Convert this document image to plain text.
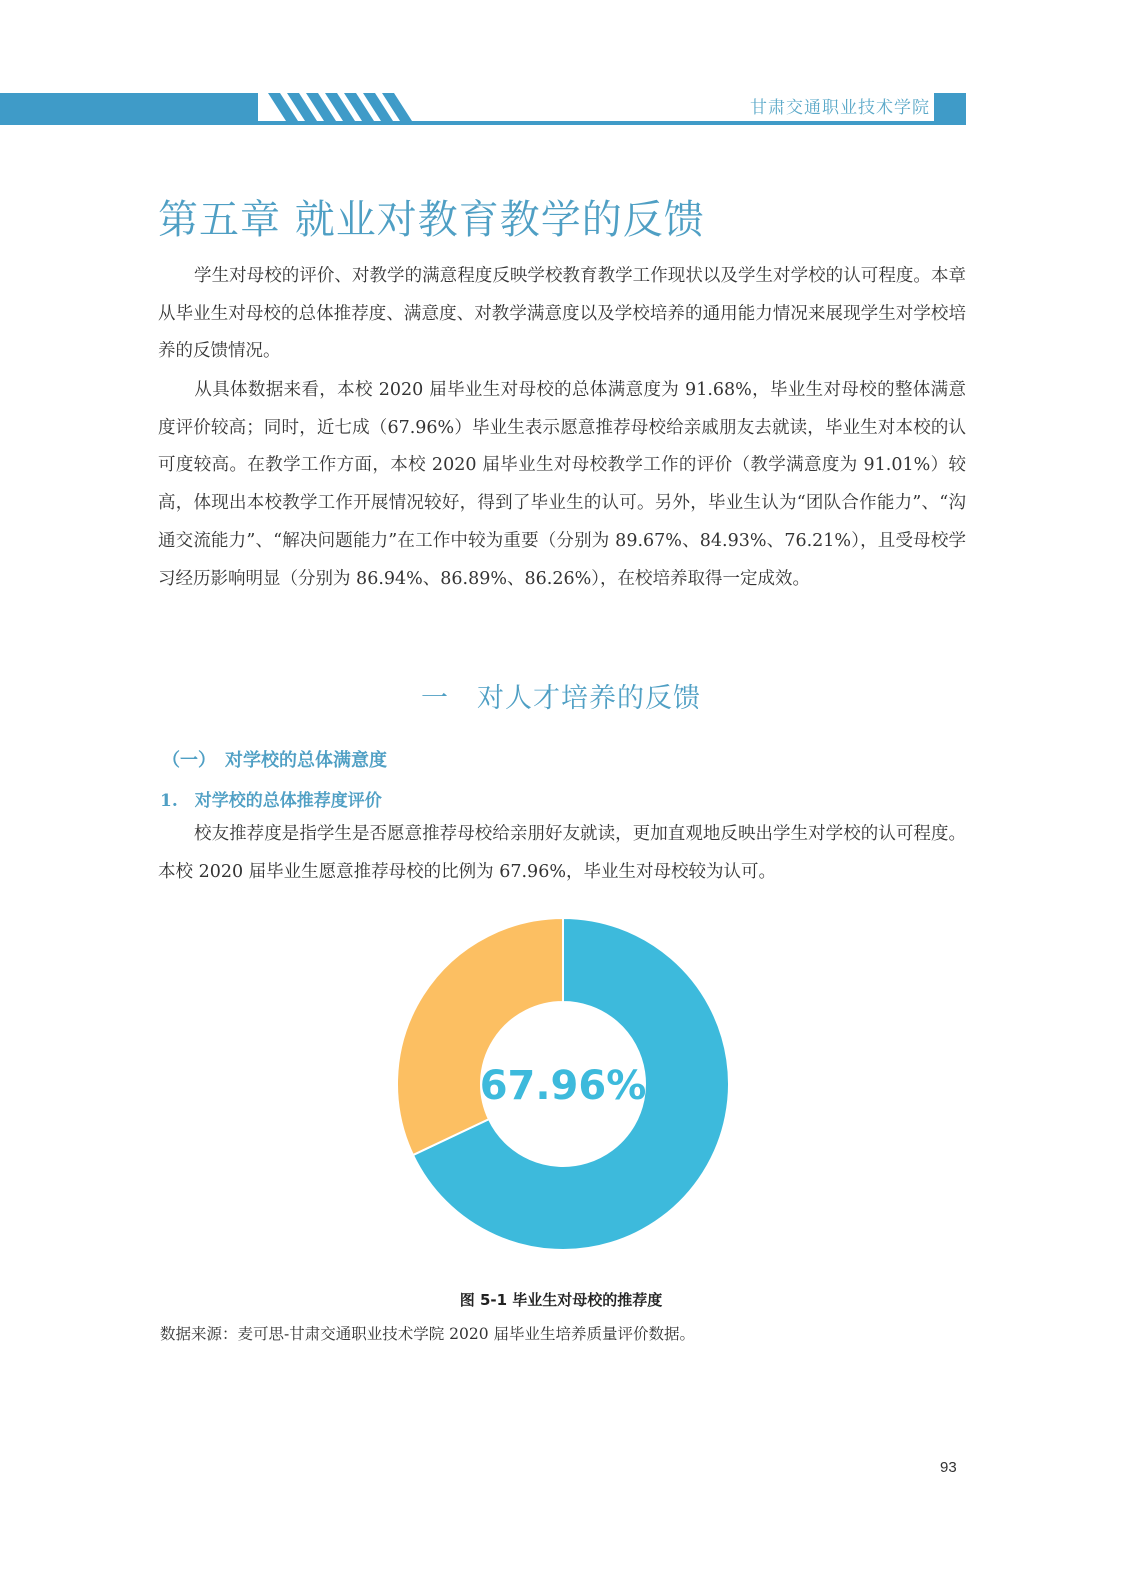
甘肃交通职业技术学院
第五章 就业对教育教学的反馈

学生对母校的评价、对教学的满意程度反映学校教育教学工作现状以及学生对学校的认可程度。本章从毕业生对母校的总体推荐度、满意度、对教学满意度以及学校培养的通用能力情况来展现学生对学校培养的反馈情况。

从具体数据来看，本校 2020 届毕业生对母校的总体满意度为 91.68%，毕业生对母校的整体满意度评价较高；同时，近七成（67.96%）毕业生表示愿意推荐母校给亲戚朋友去就读，毕业生对本校的认可度较高。在教学工作方面，本校 2020 届毕业生对母校教学工作的评价（教学满意度为 91.01%）较高，体现出本校教学工作开展情况较好，得到了毕业生的认可。另外，毕业生认为“团队合作能力”、“沟通交流能力”、“解决问题能力”在工作中较为重要（分别为 89.67%、84.93%、76.21%），且受母校学习经历影响明显（分别为 86.94%、86.89%、86.26%），在校培养取得一定成效。

一　对人才培养的反馈
（一）　对学校的总体满意度
1.　对学校的总体推荐度评价

校友推荐度是指学生是否愿意推荐母校给亲朋好友就读，更加直观地反映出学生对学校的认可程度。本校 2020 届毕业生愿意推荐母校的比例为 67.96%，毕业生对母校较为认可。

67.96%
图 5-1 毕业生对母校的推荐度
数据来源：麦可思-甘肃交通职业技术学院 2020 届毕业生培养质量评价数据。
93
